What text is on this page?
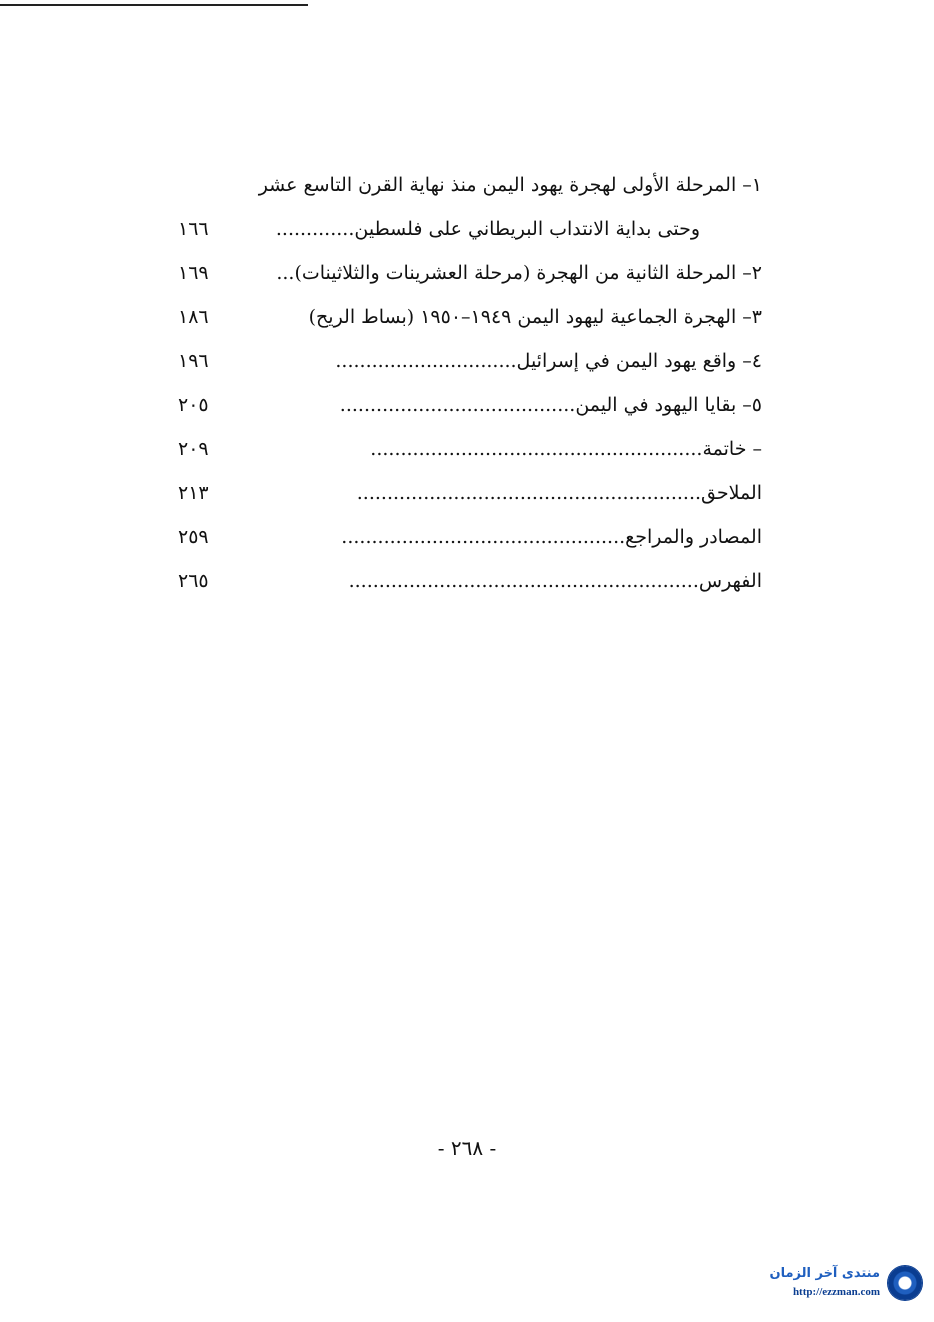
١– المرحلة الأولى لهجرة يهود اليمن منذ نهاية القرن التاسع عشر
وحتى بداية الانتداب البريطاني على فلسطين.............
١٦٦
٢– المرحلة الثانية من الهجرة (مرحلة العشرينات والثلاثينات)...
١٦٩
٣– الهجرة الجماعية ليهود اليمن ١٩٤٩–١٩٥٠ (بساط الريح)
١٨٦
٤– واقع يهود اليمن في إسرائيل..............................
١٩٦
٥– بقايا اليهود في اليمن.......................................
٢٠٥
– خاتمة.......................................................
٢٠٩
الملاحق.........................................................
٢١٣
المصادر والمراجع...............................................
٢٥٩
الفهرس..........................................................
٢٦٥
- ٢٦٨ -
منتدى آخر الزمان
http://ezzman.com
